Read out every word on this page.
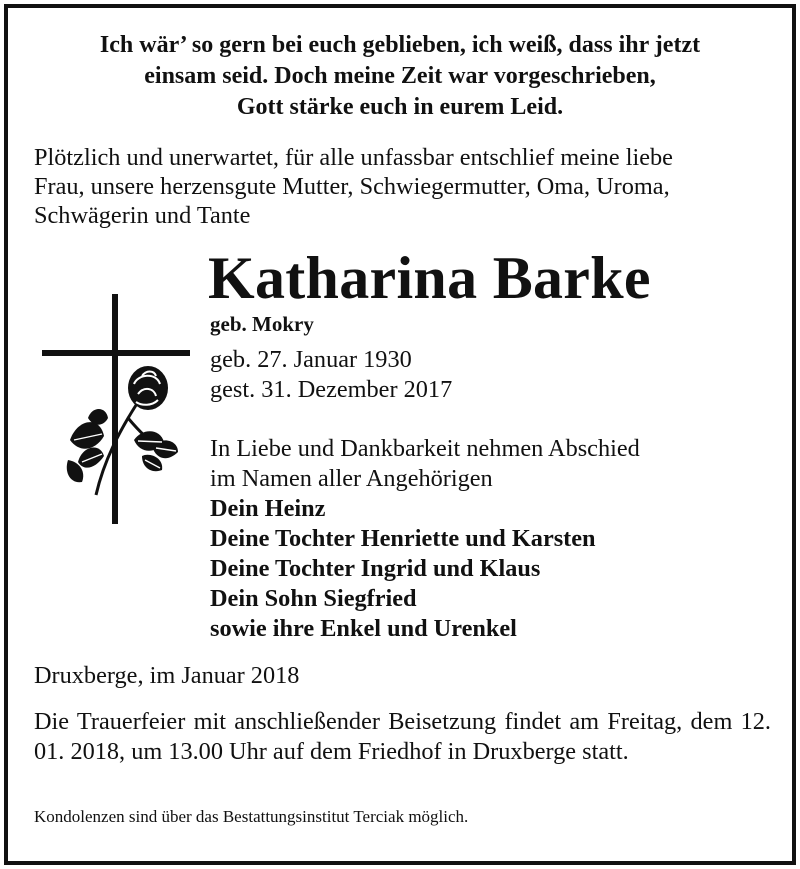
Ich wär’ so gern bei euch geblieben, ich weiß, dass ihr jetzt
einsam seid. Doch meine Zeit war vorgeschrieben,
Gott stärke euch in eurem Leid.
Plötzlich und unerwartet, für alle unfassbar entschlief meine liebe
Frau, unsere herzensgute Mutter, Schwiegermutter, Oma, Uroma,
Schwägerin und Tante
Katharina Barke
geb. Mokry
geb. 27. Januar 1930
gest. 31. Dezember 2017
In Liebe und Dankbarkeit nehmen Abschied
im Namen aller Angehörigen
Dein Heinz
Deine Tochter Henriette und Karsten
Deine Tochter Ingrid und Klaus
Dein Sohn Siegfried
sowie ihre Enkel und Urenkel
Druxberge, im Januar 2018
Die Trauerfeier mit anschließender Beisetzung findet am Freitag, dem 12. 01. 2018, um 13.00 Uhr auf dem Friedhof in Druxberge statt.
Kondolenzen sind über das Bestattungsinstitut Terciak möglich.
